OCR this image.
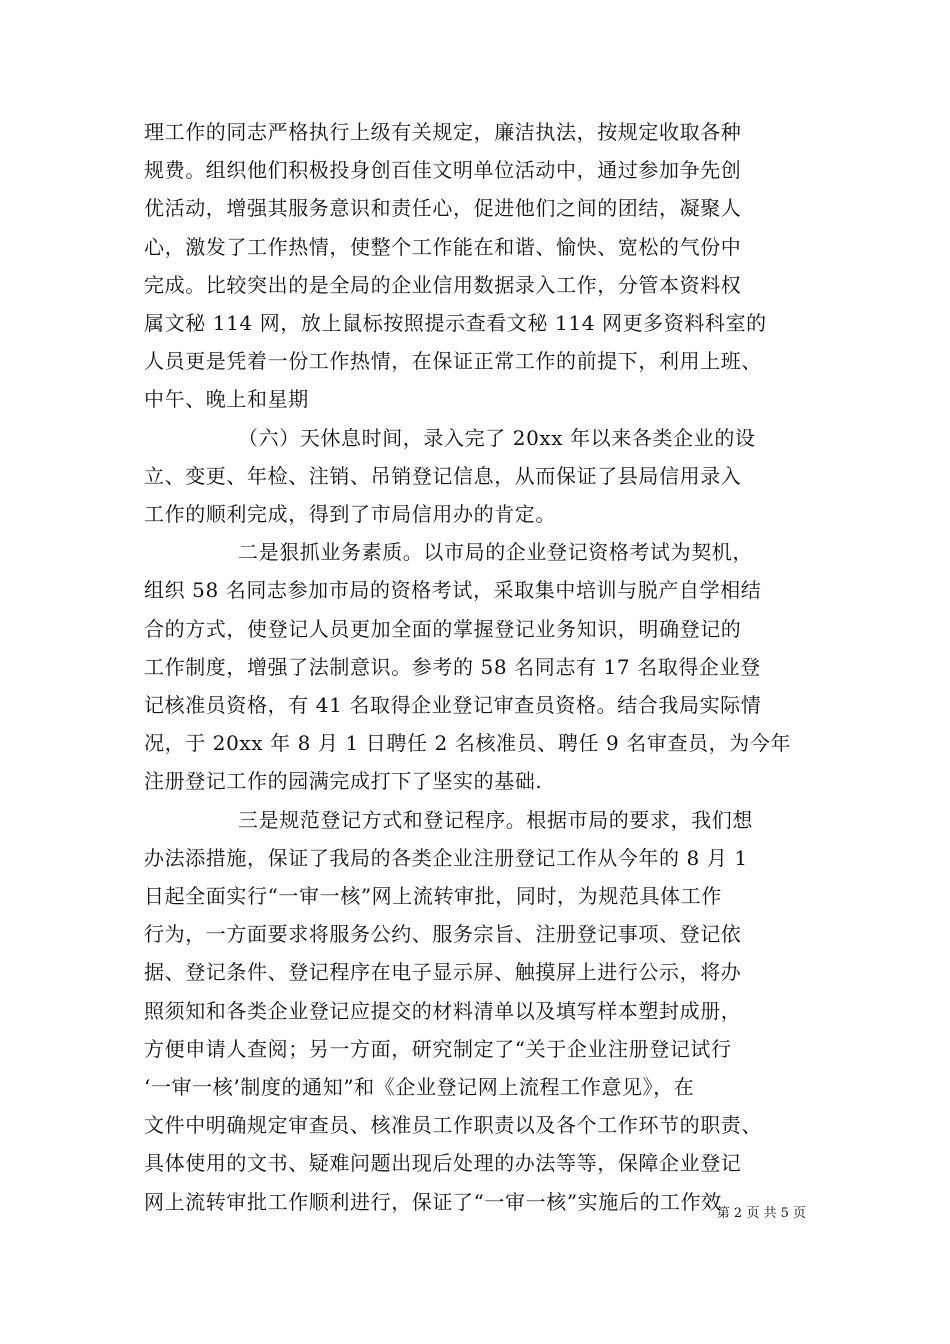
理工作的同志严格执行上级有关规定，廉洁执法，按规定收取各种
规费。组织他们积极投身创百佳文明单位活动中，通过参加争先创
优活动，增强其服务意识和责任心，促进他们之间的团结，凝聚人
心，激发了工作热情，使整个工作能在和谐、愉快、宽松的气份中
完成。比较突出的是全局的企业信用数据录入工作，分管本资料权
属文秘 114 网，放上鼠标按照提示查看文秘 114 网更多资料科室的
人员更是凭着一份工作热情，在保证正常工作的前提下，利用上班、
中午、晚上和星期

（六）天休息时间，录入完了 20xx 年以来各类企业的设
立、变更、年检、注销、吊销登记信息，从而保证了县局信用录入
工作的顺利完成，得到了市局信用办的肯定。

二是狠抓业务素质。以市局的企业登记资格考试为契机，
组织 58 名同志参加市局的资格考试，采取集中培训与脱产自学相结
合的方式，使登记人员更加全面的掌握登记业务知识，明确登记的
工作制度，增强了法制意识。参考的 58 名同志有 17 名取得企业登
记核准员资格，有 41 名取得企业登记审查员资格。结合我局实际情
况，于 20xx 年 8 月 1 日聘任 2 名核准员、聘任 9 名审查员，为今年
注册登记工作的园满完成打下了坚实的基础.

三是规范登记方式和登记程序。根据市局的要求，我们想
办法添措施，保证了我局的各类企业注册登记工作从今年的 8 月 1
日起全面实行“一审一核”网上流转审批，同时，为规范具体工作
行为，一方面要求将服务公约、服务宗旨、注册登记事项、登记依
据、登记条件、登记程序在电子显示屏、触摸屏上进行公示，将办
照须知和各类企业登记应提交的材料清单以及填写样本塑封成册，
方便申请人查阅；另一方面，研究制定了“关于企业注册登记试行
‘一审一核’制度的通知”和《企业登记网上流程工作意见》，在
文件中明确规定审查员、核准员工作职责以及各个工作环节的职责、
具体使用的文书、疑难问题出现后处理的办法等等，保障企业登记
网上流转审批工作顺利进行，保证了“一审一核”实施后的工作效

第 2 页 共 5 页
